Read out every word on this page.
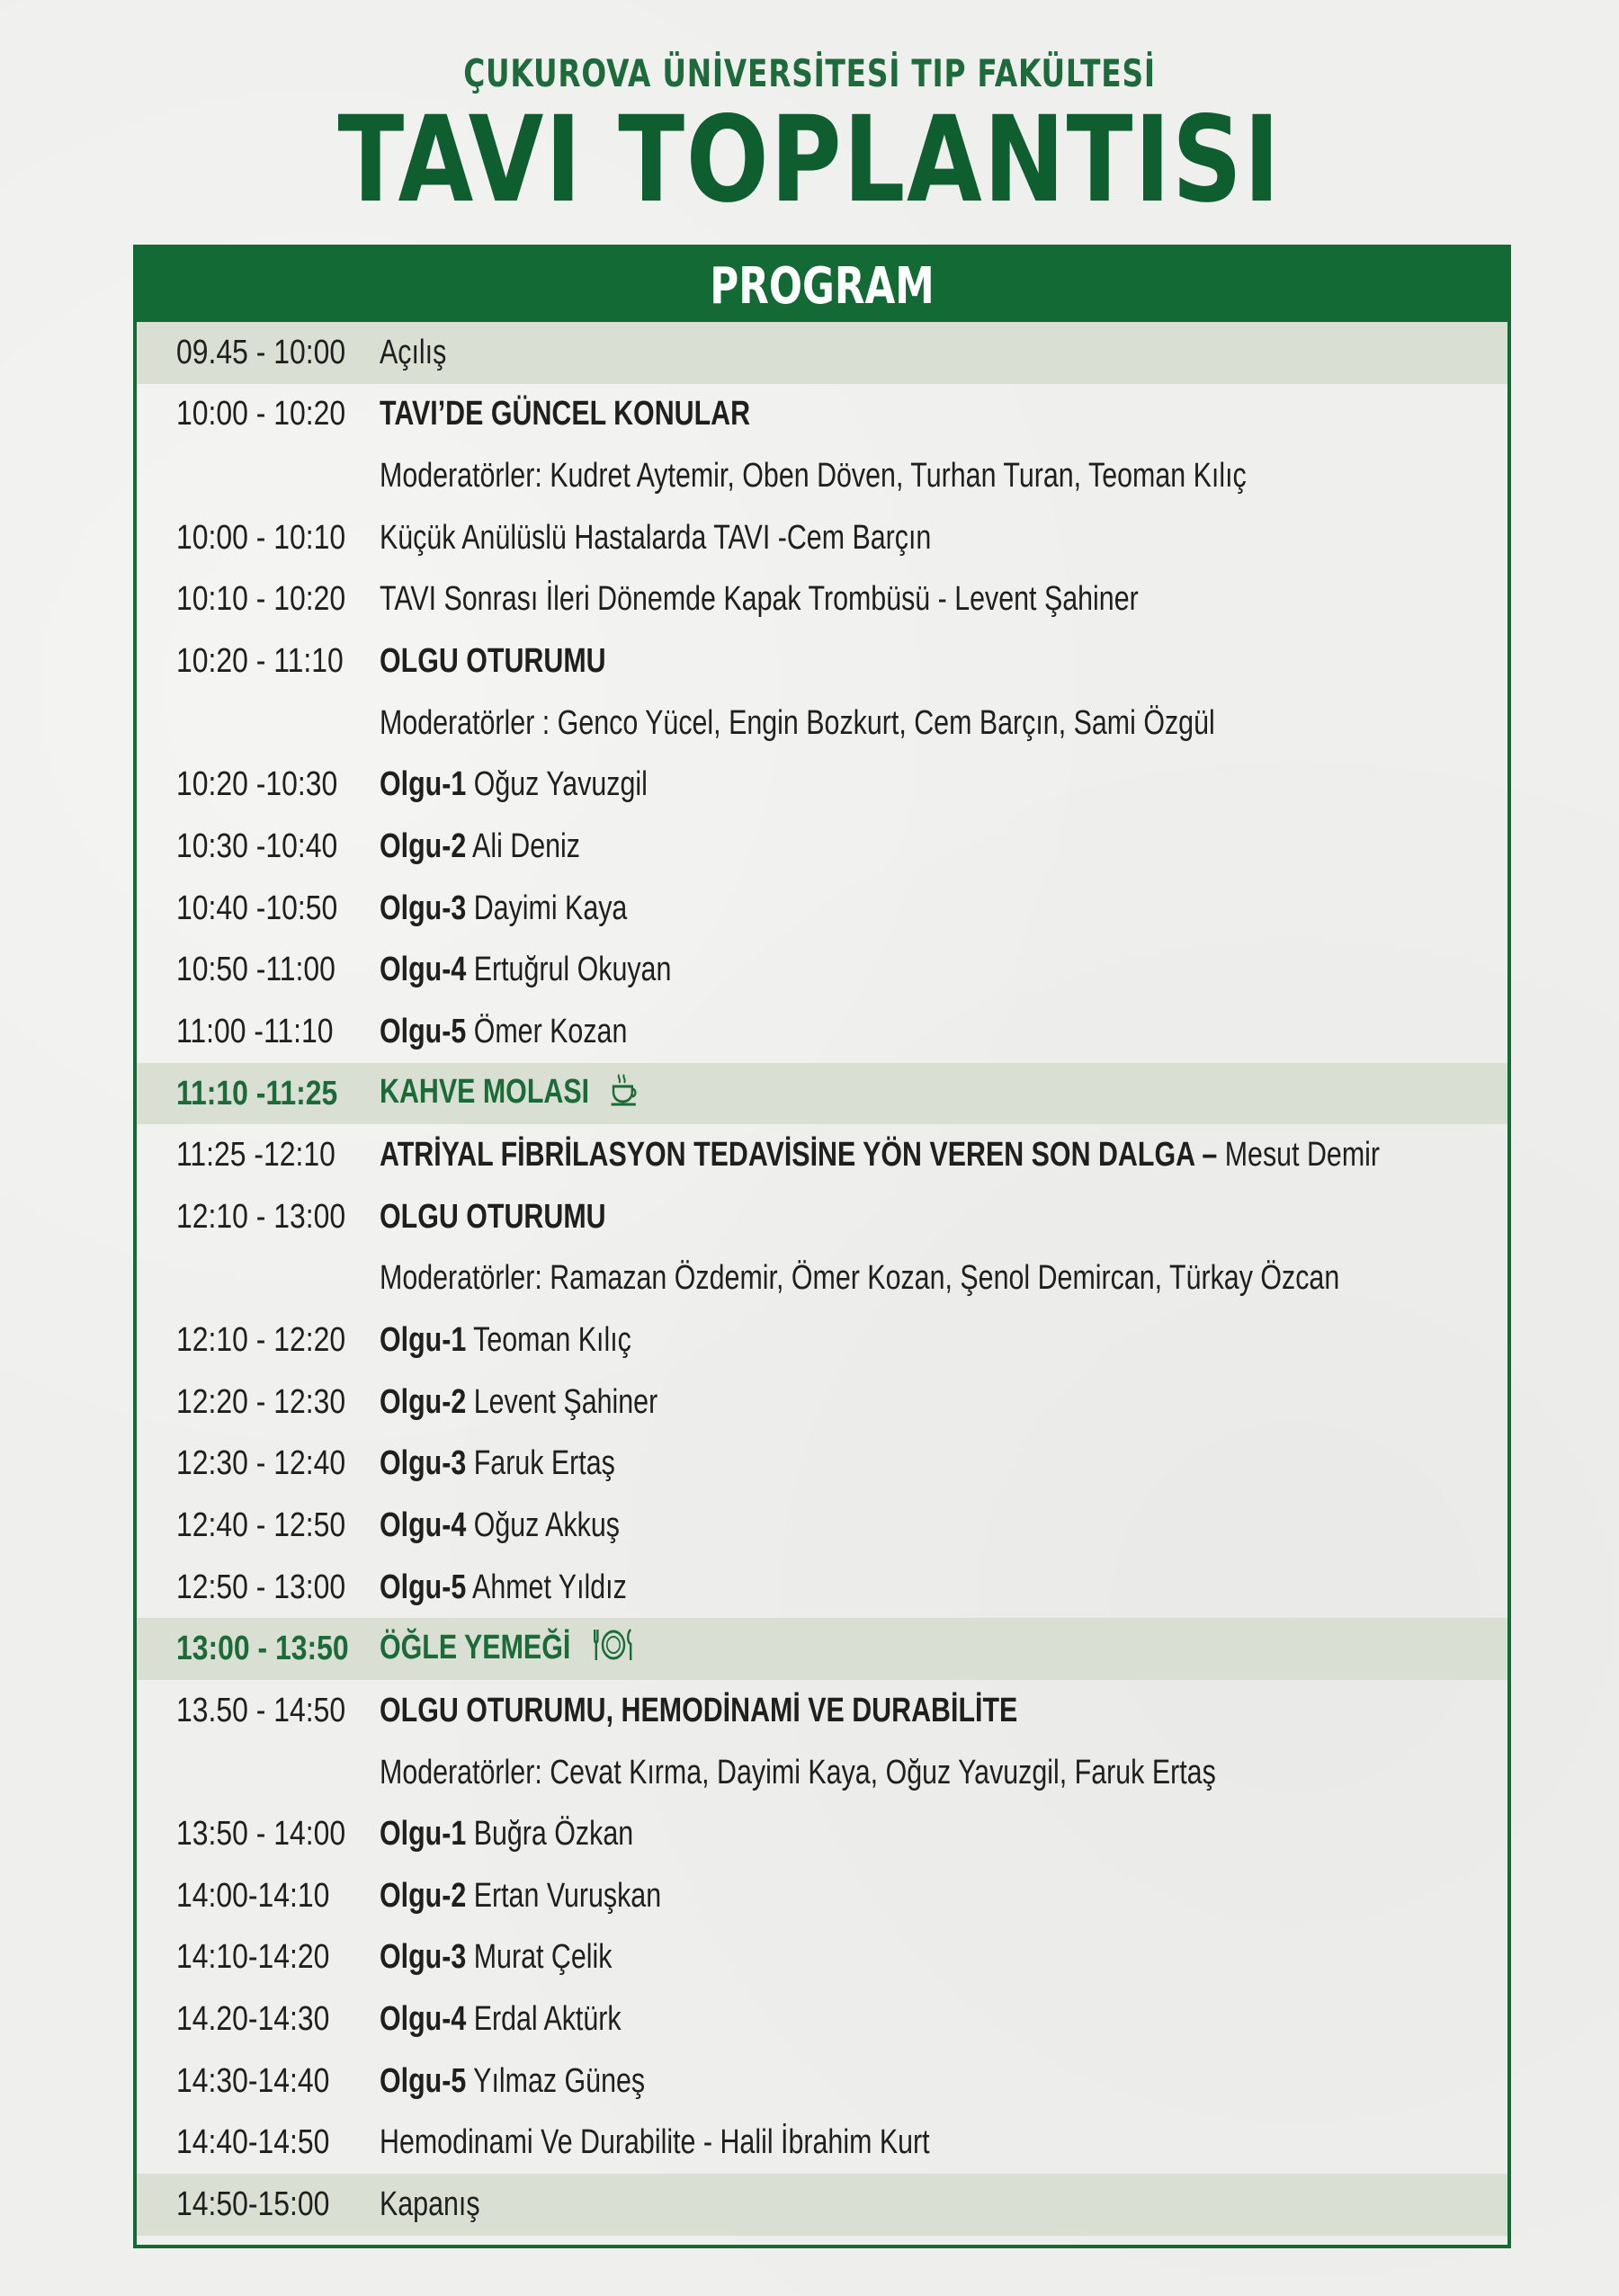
ÇUKUROVA ÜNİVERSİTESİ TIP FAKÜLTESİ
TAVI TOPLANTISI
PROGRAM
09.45 - 10:00 Açılış
10:00 - 10:20 TAVI’DE GÜNCEL KONULAR
Moderatörler: Kudret Aytemir, Oben Döven, Turhan Turan, Teoman Kılıç
10:00 - 10:10 Küçük Anülüslü Hastalarda TAVI -Cem Barçın
10:10 - 10:20 TAVI Sonrası İleri Dönemde Kapak Trombüsü - Levent Şahiner
10:20 - 11:10 OLGU OTURUMU
Moderatörler : Genco Yücel, Engin Bozkurt, Cem Barçın, Sami Özgül
10:20 -10:30 Olgu-1 Oğuz Yavuzgil
10:30 -10:40 Olgu-2 Ali Deniz
10:40 -10:50 Olgu-3 Dayimi Kaya
10:50 -11:00 Olgu-4 Ertuğrul Okuyan
11:00 -11:10 Olgu-5 Ömer Kozan
11:10 -11:25 KAHVE MOLASI
11:25 -12:10 ATRİYAL FİBRİLASYON TEDAVİSİNE YÖN VEREN SON DALGA – Mesut Demir
12:10 - 13:00 OLGU OTURUMU
Moderatörler: Ramazan Özdemir, Ömer Kozan, Şenol Demircan, Türkay Özcan
12:10 - 12:20 Olgu-1 Teoman Kılıç
12:20 - 12:30 Olgu-2 Levent Şahiner
12:30 - 12:40 Olgu-3 Faruk Ertaş
12:40 - 12:50 Olgu-4 Oğuz Akkuş
12:50 - 13:00 Olgu-5 Ahmet Yıldız
13:00 - 13:50 ÖĞLE YEMEĞİ
13.50 - 14:50 OLGU OTURUMU, HEMODİNAMİ VE DURABİLİTE
Moderatörler: Cevat Kırma, Dayimi Kaya, Oğuz Yavuzgil, Faruk Ertaş
13:50 - 14:00 Olgu-1 Buğra Özkan
14:00-14:10	Olgu-2 Ertan Vuruşkan
14:10-14:20	Olgu-3 Murat Çelik
14.20-14:30	Olgu-4 Erdal Aktürk
14:30-14:40	Olgu-5 Yılmaz Güneş
14:40-14:50	Hemodinami Ve Durabilite - Halil İbrahim Kurt
14:50-15:00	Kapanış
